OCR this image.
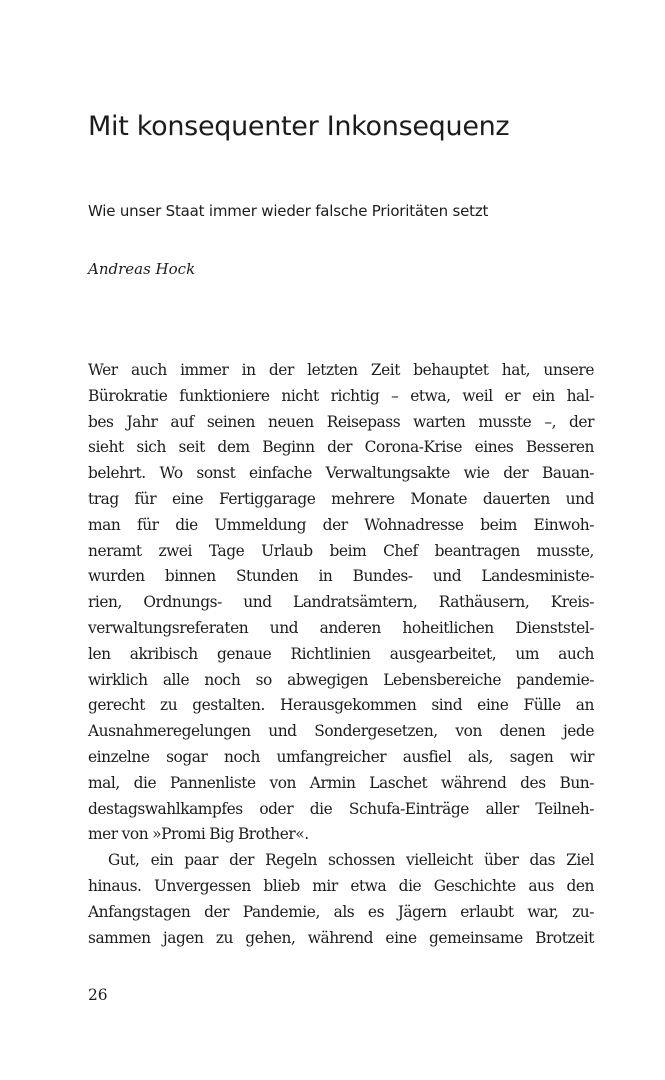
Mit konsequenter Inkonsequenz

Wie unser Staat immer wieder falsche Prioritäten setzt

Andreas Hock

Wer auch immer in der letzten Zeit behauptet hat, unsere
Bürokratie funktioniere nicht richtig – etwa, weil er ein hal-
bes Jahr auf seinen neuen Reisepass warten musste –, der
sieht sich seit dem Beginn der Corona-Krise eines Besseren
belehrt. Wo sonst einfache Verwaltungsakte wie der Bauan-
trag für eine Fertiggarage mehrere Monate dauerten und
man für die Ummeldung der Wohnadresse beim Einwoh-
neramt zwei Tage Urlaub beim Chef beantragen musste,
wurden binnen Stunden in Bundes- und Landesministe-
rien, Ordnungs- und Landratsämtern, Rathäusern, Kreis-
verwaltungsreferaten und anderen hoheitlichen Dienststel-
len akribisch genaue Richtlinien ausgearbeitet, um auch
wirklich alle noch so abwegigen Lebensbereiche pandemie-
gerecht zu gestalten. Herausgekommen sind eine Fülle an
Ausnahmeregelungen und Sondergesetzen, von denen jede
einzelne sogar noch umfangreicher ausfiel als, sagen wir
mal, die Pannenliste von Armin Laschet während des Bun-
destagswahlkampfes oder die Schufa-Einträge aller Teilneh-
mer von »Promi Big Brother«.
Gut, ein paar der Regeln schossen vielleicht über das Ziel
hinaus. Unvergessen blieb mir etwa die Geschichte aus den
Anfangstagen der Pandemie, als es Jägern erlaubt war, zu-
sammen jagen zu gehen, während eine gemeinsame Brotzeit

26
